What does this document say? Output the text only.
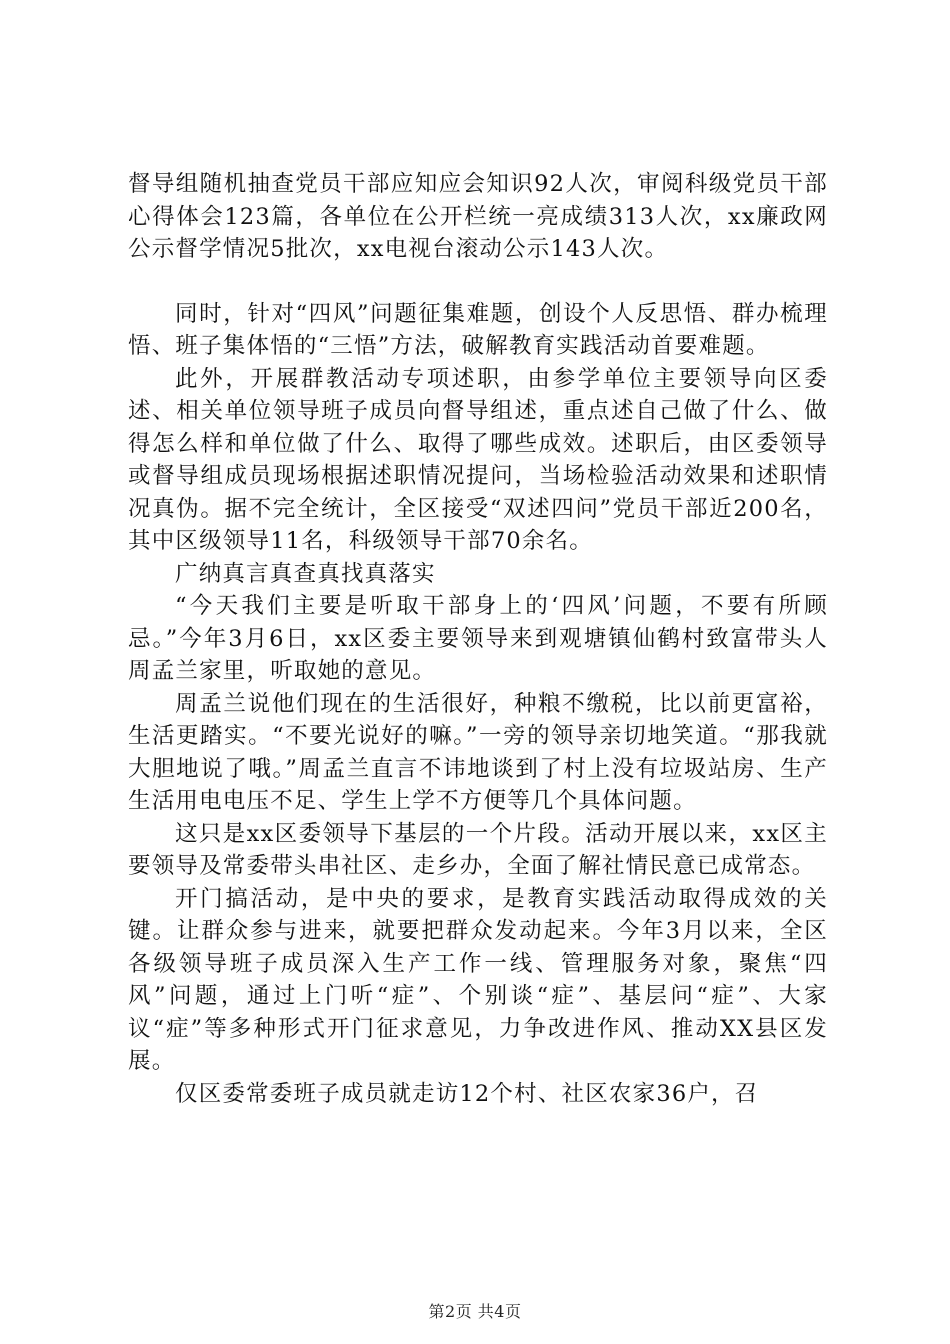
督导组随机抽查党员干部应知应会知识92人次，审阅科级党员干部心得体会123篇，各单位在公开栏统一亮成绩313人次，xx廉政网公示督学情况5批次，xx电视台滚动公示143人次。

同时，针对“四风”问题征集难题，创设个人反思悟、群办梳理悟、班子集体悟的“三悟”方法，破解教育实践活动首要难题。

此外，开展群教活动专项述职，由参学单位主要领导向区委述、相关单位领导班子成员向督导组述，重点述自己做了什么、做得怎么样和单位做了什么、取得了哪些成效。述职后，由区委领导或督导组成员现场根据述职情况提问，当场检验活动效果和述职情况真伪。据不完全统计，全区接受“双述四问”党员干部近200名，其中区级领导11名，科级领导干部70余名。

广纳真言真查真找真落实

“今天我们主要是听取干部身上的‘四风’问题，不要有所顾忌。”今年3月6日，xx区委主要领导来到观塘镇仙鹤村致富带头人周孟兰家里，听取她的意见。

周孟兰说他们现在的生活很好，种粮不缴税，比以前更富裕，生活更踏实。“不要光说好的嘛。”一旁的领导亲切地笑道。“那我就大胆地说了哦。”周孟兰直言不讳地谈到了村上没有垃圾站房、生产生活用电电压不足、学生上学不方便等几个具体问题。

这只是xx区委领导下基层的一个片段。活动开展以来，xx区主要领导及常委带头串社区、走乡办，全面了解社情民意已成常态。

开门搞活动，是中央的要求，是教育实践活动取得成效的关键。让群众参与进来，就要把群众发动起来。今年3月以来，全区各级领导班子成员深入生产工作一线、管理服务对象，聚焦“四风”问题，通过上门听“症”、个别谈“症”、基层问“症”、大家议“症”等多种形式开门征求意见，力争改进作风、推动XX县区发展。

仅区委常委班子成员就走访12个村、社区农家36户，召

第2页 共4页
